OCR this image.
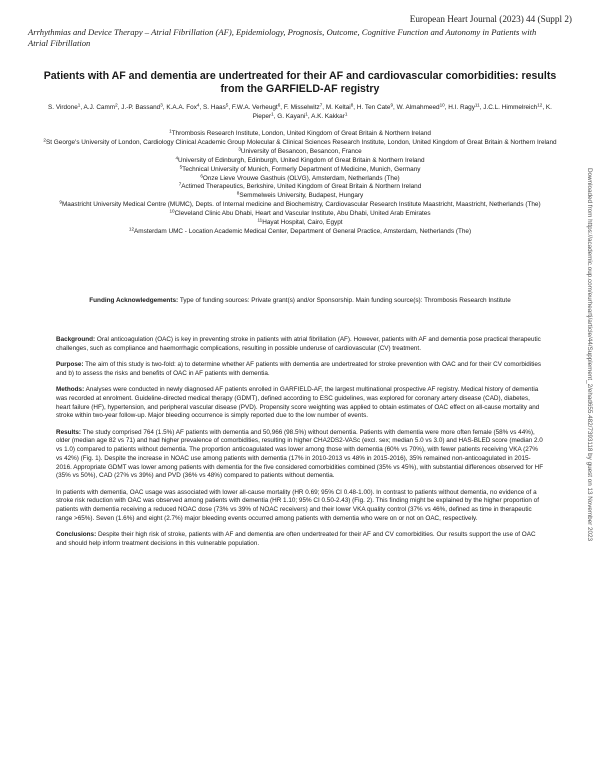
European Heart Journal (2023) 44 (Suppl 2)
Arrhythmias and Device Therapy – Atrial Fibrillation (AF), Epidemiology, Prognosis, Outcome, Cognitive Function and Autonomy in Patients with Atrial Fibrillation
Patients with AF and dementia are undertreated for their AF and cardiovascular comorbidities: results from the GARFIELD-AF registry
S. Virdone$^1$, A.J. Camm$^2$, J.-P. Bassand$^3$, K.A.A. Fox$^4$, S. Haas$^5$, F.W.A. Verheugt$^6$, F. Misselwitz$^7$, M. Keltai$^8$, H. Ten Cate$^9$, W. Almahmeed$^{10}$, H.I. Ragy$^{11}$, J.C.L. Himmelreich$^{12}$, K. Pieper$^1$, G. Kayani$^1$, A.K. Kakkar$^1$
$^1$Thrombosis Research Institute, London, United Kingdom of Great Britain & Northern Ireland
$^2$St George's University of London, Cardiology Clinical Academic Group Molecular & Clinical Sciences Research Institute, London, United Kingdom of Great Britain & Northern Ireland
$^3$University of Besancon, Besancon, France
$^4$University of Edinburgh, Edinburgh, United Kingdom of Great Britain & Northern Ireland
$^5$Technical University of Munich, Formerly Department of Medicine, Munich, Germany
$^6$Onze Lieve Vrouwe Gasthuis (OLVG), Amsterdam, Netherlands (The)
$^7$Actimed Therapeutics, Berkshire, United Kingdom of Great Britain & Northern Ireland
$^8$Semmelweis University, Budapest, Hungary
$^9$Maastricht University Medical Centre (MUMC), Depts. of Internal medicine and Biochemistry, Cardiovascular Research Institute Maastricht, Maastricht, Netherlands (The)
$^{10}$Cleveland Clinic Abu Dhabi, Heart and Vascular Institute, Abu Dhabi, United Arab Emirates
$^{11}$Hayat Hospital, Cairo, Egypt
$^{12}$Amsterdam UMC - Location Academic Medical Center, Department of General Practice, Amsterdam, Netherlands (The)
Funding Acknowledgements: Type of funding sources: Private grant(s) and/or Sponsorship. Main funding source(s): Thrombosis Research Institute

Background: Oral anticoagulation (OAC) is key in preventing stroke in patients with atrial fibrillation (AF). However, patients with AF and dementia pose practical therapeutic challenges, such as compliance and haemorrhagic complications, resulting in possible underuse of cardiovascular (CV) treatment.

Purpose: The aim of this study is two-fold: a) to determine whether AF patients with dementia are undertreated for stroke prevention with OAC and for their CV comorbidities and b) to assess the risks and benefits of OAC in AF patients with dementia.

Methods: Analyses were conducted in newly diagnosed AF patients enrolled in GARFIELD-AF, the largest multinational prospective AF registry. Medical history of dementia was recorded at enrolment. Guideline-directed medical therapy (GDMT), defined according to ESC guidelines, was explored for coronary artery disease (CAD), diabetes, heart failure (HF), hypertension, and peripheral vascular disease (PVD). Propensity score weighting was applied to obtain estimates of OAC effect on all-cause mortality and stroke within two-year follow-up. Major bleeding occurrence is simply reported due to the low number of events.

Results: The study comprised 764 (1.5%) AF patients with dementia and 50,966 (98.5%) without dementia. Patients with dementia were more often female (58% vs 44%), older (median age 82 vs 71) and had higher prevalence of comorbidities, resulting in higher CHA2DS2-VASc (excl. sex; median 5.0 vs 3.0) and HAS-BLED score (median 2.0 vs 1.0) compared to patients without dementia. The proportion anticoagulated was lower among those with dementia (60% vs 70%), with fewer patients receiving VKA (27% vs 42%) (Fig. 1). Despite the increase in NOAC use among patients with dementia (17% in 2010-2013 vs 48% in 2015-2016), 35% remained non-anticoagulated in 2015-2016. Appropriate GDMT was lower among patients with dementia for the five considered comorbidities combined (35% vs 45%), with substantial differences observed for HF (35% vs 50%), CAD (27% vs 39%) and PVD (36% vs 48%) compared to patients without dementia.

In patients with dementia, OAC usage was associated with lower all-cause mortality (HR 0.69; 95% CI 0.48-1.00). In contrast to patients without dementia, no evidence of a stroke risk reduction with OAC was observed among patients with dementia (HR 1.10; 95% CI 0.50-2.43) (Fig. 2). This finding might be explained by the higher proportion of patients with dementia receiving a reduced NOAC dose (73% vs 39% of NOAC receivers) and their lower VKA quality control (37% vs 46%, defined as time in therapeutic range >65%). Seven (1.6%) and eight (2.7%) major bleeding events occurred among patients with dementia who were on or not on OAC, respectively.

Conclusions: Despite their high risk of stroke, patients with AF and dementia are often undertreated for their AF and CV comorbidities. Our results support the use of OAC and should help inform treatment decisions in this vulnerable population.

Downloaded from https://academic.oup.com/eurheartj/article/44/Supplement_2/ehad655.482/7393118 by guest on 13 November 2023
